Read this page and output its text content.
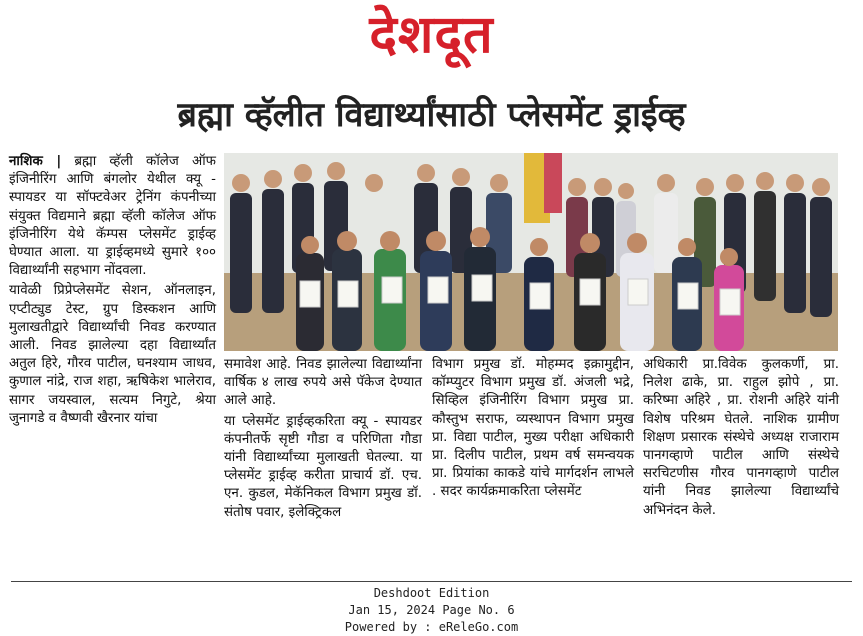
देशदूत
ब्रह्मा व्हॅलीत विद्यार्थ्यांसाठी प्लेसमेंट ड्राईव्ह

नाशिक | ब्रह्मा व्हॅली कॉलेज ऑफ इंजिनीरिंग आणि बंगलोर येथील क्यू - स्पायडर या सॉफ्टवेअर ट्रेनिंग कंपनीच्या संयुक्त विद्यमाने ब्रह्मा व्हॅली कॉलेज ऑफ इंजिनीरिंग येथे कॅम्पस प्लेसमेंट ड्राईव्ह घेण्यात आला. या ड्राईव्हमध्ये सुमारे १०० विद्यार्थ्यांनी सहभाग नोंदवला.

यावेळी प्रिप्रेप्लेसमेंट सेशन, ऑनलाइन, एप्टीट्युड टेस्ट, ग्रुप डिस्कशन आणि मुलाखतीद्वारे विद्यार्थ्यांची निवड करण्यात आली. निवड झालेल्या दहा विद्यार्थ्यांत अतुल हिरे, गौरव पाटील, घनश्याम जाधव, कुणाल नांद्रे, राज शहा, ऋषिकेश भालेराव, सागर जयस्वाल, सत्यम निगुटे, श्रेया जुनागडे व वैष्णवी खैरनार यांचा

समावेश आहे. निवड झालेल्या विद्यार्थ्यांना वार्षिक ४ लाख रुपये असे पॅकेज देण्यात आले आहे.

या प्लेसमेंट ड्राईव्हकरिता क्यू - स्पायडर कंपनीतर्फे सृष्टी गौडा व परिणिता गौडा यांनी विद्यार्थ्यांच्या मुलाखती घेतल्या. या प्लेसमेंट ड्राईव्ह करीता प्राचार्य डॉ. एच. एन. कुडल, मेकॅनिकल विभाग प्रमुख डॉ. संतोष पवार, इलेक्ट्रिकल

विभाग प्रमुख डॉ. मोहम्मद इक्रामुद्दीन, कॉम्प्युटर विभाग प्रमुख डॉ. अंजली भद्रे, सिव्हिल इंजिनीरिंग विभाग प्रमुख प्रा. कौस्तुभ सराफ, व्यस्थापन विभाग प्रमुख प्रा. विद्या पाटील, मुख्य परीक्षा अधिकारी प्रा. दिलीप पाटील, प्रथम वर्ष समन्वयक प्रा. प्रियांका काकडे यांचे मार्गदर्शन लाभले . सदर कार्यक्रमाकरिता प्लेसमेंट

अधिकारी प्रा.विवेक कुलकर्णी, प्रा. निलेश ढाके, प्रा. राहुल झोपे , प्रा. करिष्मा अहिरे , प्रा. रोशनी अहिरे यांनी विशेष परिश्रम घेतले. नाशिक ग्रामीण शिक्षण प्रसारक संस्थेचे अध्यक्ष राजाराम पानगव्हाणे पाटील आणि संस्थेचे सरचिटणीस गौरव पानगव्हाणे पाटील यांनी निवड झालेल्या विद्यार्थ्यांचे अभिनंदन केले.

Deshdoot Edition
Jan 15, 2024 Page No. 6
Powered by : eReleGo.com
